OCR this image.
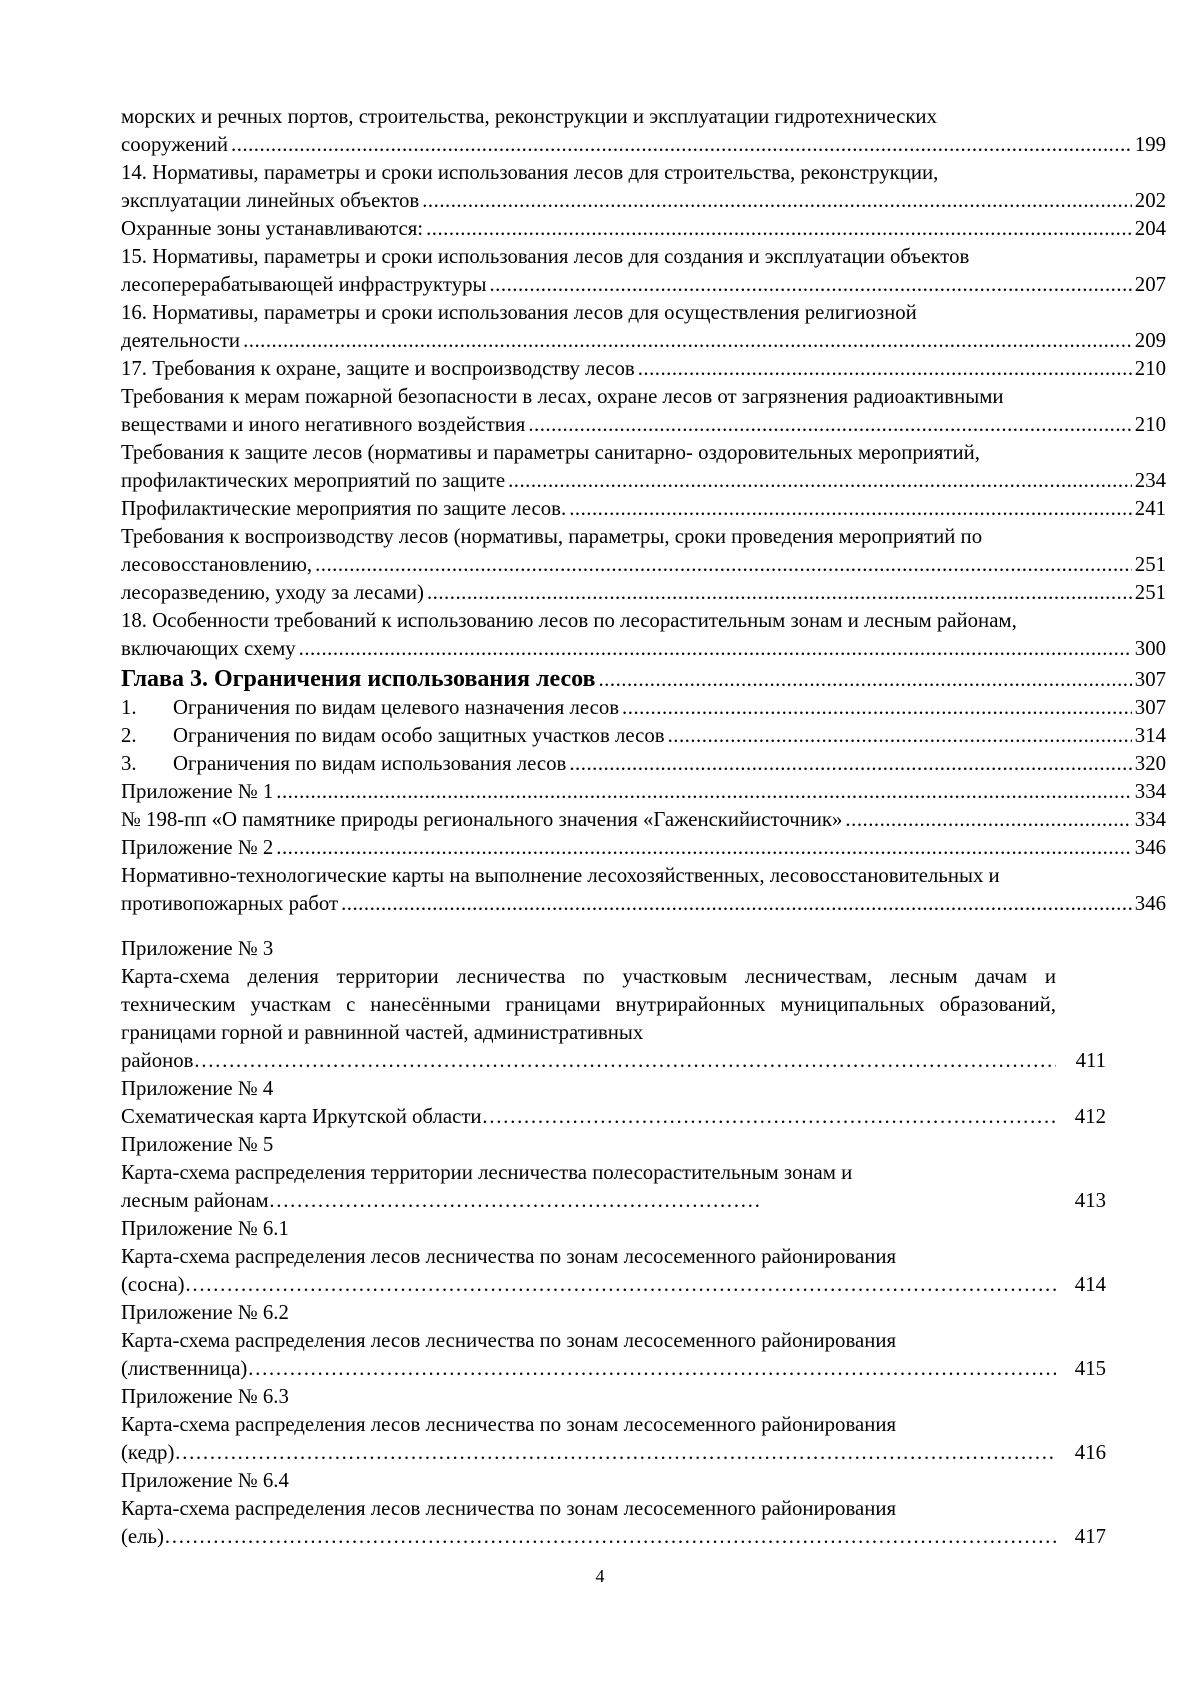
морских и речных портов, строительства, реконструкции и эксплуатации гидротехнических
сооружений .....	199
14. Нормативы, параметры и сроки использования лесов для строительства, реконструкции,
эксплуатации линейных объектов .....	202
Охранные зоны устанавливаются: .....	204
15. Нормативы, параметры и сроки использования лесов для создания и эксплуатации объектов
лесоперерабатывающей инфраструктуры .....	207
16. Нормативы, параметры и сроки использования лесов для осуществления религиозной
деятельности .....	209
17. Требования к охране, защите и воспроизводству лесов .....	210
Требования к мерам пожарной безопасности в лесах, охране лесов от загрязнения радиоактивными
веществами и иного негативного воздействия .....	210
Требования к защите лесов (нормативы и параметры санитарно- оздоровительных мероприятий,
профилактических мероприятий по защите .....	234
Профилактические мероприятия по защите лесов. .....	241
Требования к воспроизводству лесов (нормативы, параметры, сроки проведения мероприятий по
лесовосстановлению, .....	251
лесоразведению, уходу за лесами) .....	251
18. Особенности требований к использованию лесов по лесорастительным зонам и лесным районам,
включающих схему .....	300
Глава 3. Ограничения использования лесов .....	307
1. Ограничения по видам целевого назначения лесов .....	307
2. Ограничения по видам особо защитных участков лесов .....	314
3. Ограничения по видам использования лесов .....	320
Приложение № 1 .....	334
№ 198-пп «О памятнике природы регионального значения «Гаженскийисточник» .....	334
Приложение № 2 .....	346
Нормативно-технологические карты на выполнение лесохозяйственных, лесовосстановительных и
противопожарных работ .....	346
Приложение № 3
Карта-схема деления территории лесничества по участковым лесничествам, лесным дачам и техническим участкам с нанесёнными границами внутрирайонных муниципальных образований, границами горной и равнинной частей, административных
районов ……………………………………………………………………………………………………………………………………………………………………………………	411
Приложение № 4
Схематическая карта Иркутской области ……………………………………………………………………………………………………………………………………………………………………………………	412
Приложение № 5
Карта-схема распределения территории лесничества полесорастительным зонам и
лесным районам ……………………………………………………………………………………………………………………………………………………………………………………	413
Приложение № 6.1
Карта-схема распределения лесов лесничества по зонам лесосеменного районирования
(сосна) ……………………………………………………………………………………………………………………………………………………………………………………	414
Приложение № 6.2
Карта-схема распределения лесов лесничества по зонам лесосеменного районирования
(лиственница) ……………………………………………………………………………………………………………………………………………………………………………………	415
Приложение № 6.3
Карта-схема распределения лесов лесничества по зонам лесосеменного районирования
(кедр) ……………………………………………………………………………………………………………………………………………………………………………………	416
Приложение № 6.4
Карта-схема распределения лесов лесничества по зонам лесосеменного районирования
(ель) ……………………………………………………………………………………………………………………………………………………………………………………	417
4
